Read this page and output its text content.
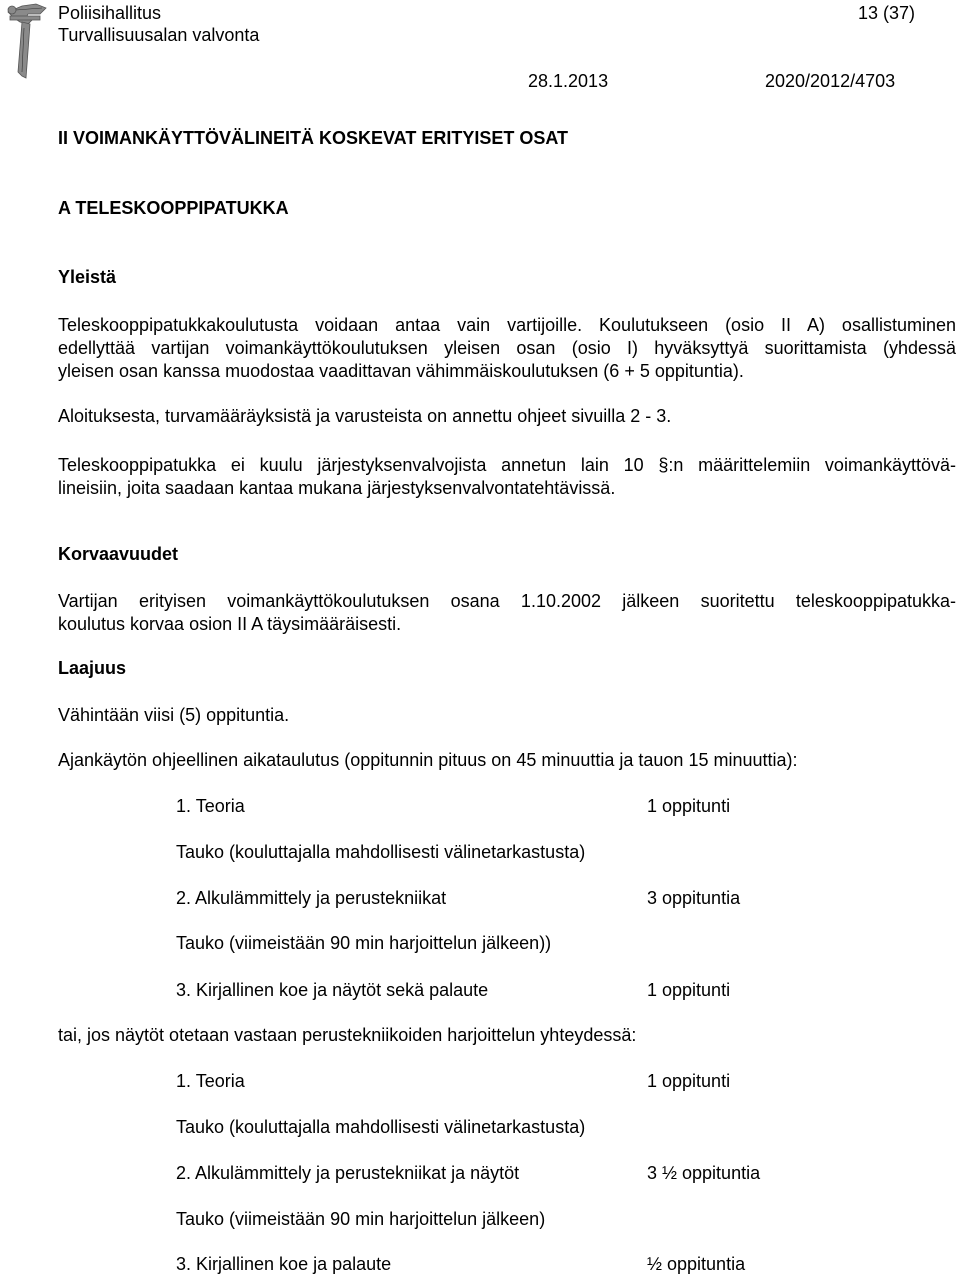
Poliisihallitus
Turvallisuusalan valvonta
13 (37)
28.1.2013	2020/2012/4703
II VOIMANKÄYTTÖVÄLINEITÄ KOSKEVAT ERITYISET OSAT
A TELESKOOPPIPATUKKA
Yleistä
Teleskooppipatukkakoulutusta voidaan antaa vain vartijoille. Koulutukseen (osio II A) osallistuminen
edellyttää vartijan voimankäyttökoulutuksen yleisen osan (osio I) hyväksyttyä suorittamista (yhdessä
yleisen osan kanssa muodostaa vaadittavan vähimmäiskoulutuksen (6 + 5 oppituntia).
Aloituksesta, turvamääräyksistä ja varusteista on annettu ohjeet sivuilla 2 - 3.
Teleskooppipatukka ei kuulu järjestyksenvalvojista annetun lain 10 §:n määrittelemiin voimankäyttövä-
lineisiin, joita saadaan kantaa mukana järjestyksenvalvontatehtävissä.
Korvaavuudet
Vartijan erityisen voimankäyttökoulutuksen osana 1.10.2002 jälkeen suoritettu teleskooppipatukka-
koulutus korvaa osion II A täysimääräisesti.
Laajuus
Vähintään viisi (5) oppituntia.
Ajankäytön ohjeellinen aikataulutus (oppitunnin pituus on 45 minuuttia ja tauon 15 minuuttia):
1. Teoria	1 oppitunti
Tauko (kouluttajalla mahdollisesti välinetarkastusta)
2. Alkulämmittely ja perustekniikat	3 oppituntia
Tauko (viimeistään 90 min harjoittelun jälkeen))
3. Kirjallinen koe ja näytöt sekä palaute	1 oppitunti
tai, jos näytöt otetaan vastaan perustekniikoiden harjoittelun yhteydessä:
1. Teoria	1 oppitunti
Tauko (kouluttajalla mahdollisesti välinetarkastusta)
2. Alkulämmittely ja perustekniikat ja näytöt	3 ½ oppituntia
Tauko (viimeistään 90 min harjoittelun jälkeen)
3. Kirjallinen koe ja palaute	½ oppituntia
